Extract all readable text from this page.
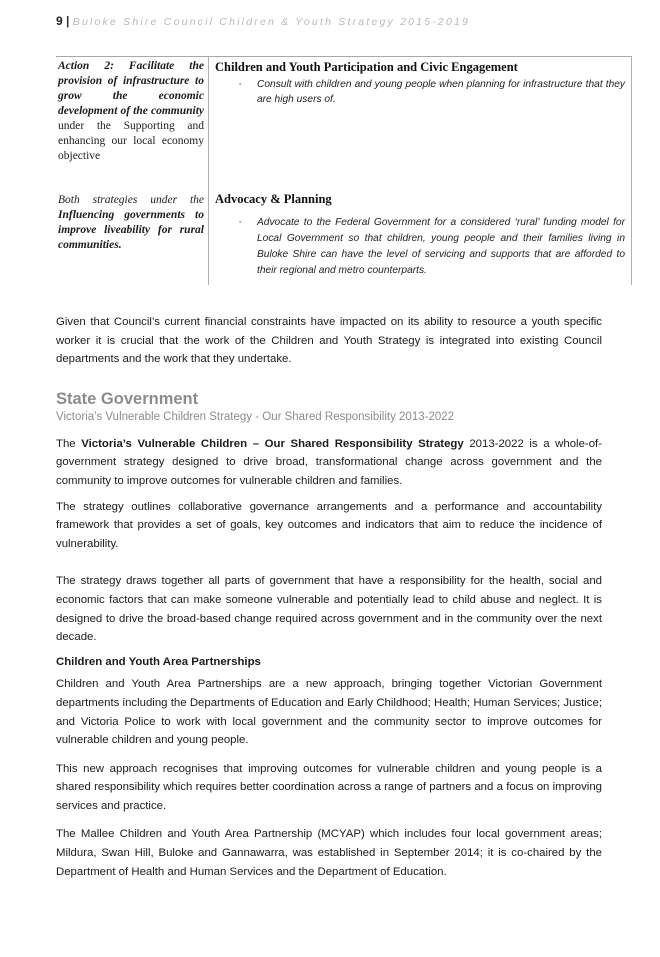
9 | Buloke Shire Council Children & Youth Strategy 2015-2019
Action 2: Facilitate the provision of infrastructure to grow the economic development of the community under the Supporting and enhancing our local economy objective
Children and Youth Participation and Civic Engagement
▪ Consult with children and young people when planning for infrastructure that they are high users of.
Both strategies under the Influencing governments to improve liveability for rural communities.
Advocacy & Planning
▪ Advocate to the Federal Government for a considered ‘rural’ funding model for Local Government so that children, young people and their families living in Buloke Shire can have the level of servicing and supports that are afforded to their regional and metro counterparts.

Given that Council’s current financial constraints have impacted on its ability to resource a youth specific worker it is crucial that the work of the Children and Youth Strategy is integrated into existing Council departments and the work that they undertake.

State Government
Victoria’s Vulnerable Children Strategy - Our Shared Responsibility 2013-2022

The Victoria’s Vulnerable Children – Our Shared Responsibility Strategy 2013-2022 is a whole-of-government strategy designed to drive broad, transformational change across government and the community to improve outcomes for vulnerable children and families.

The strategy outlines collaborative governance arrangements and a performance and accountability framework that provides a set of goals, key outcomes and indicators that aim to reduce the incidence of vulnerability.

The strategy draws together all parts of government that have a responsibility for the health, social and economic factors that can make someone vulnerable and potentially lead to child abuse and neglect. It is designed to drive the broad-based change required across government and in the community over the next decade.

Children and Youth Area Partnerships

Children and Youth Area Partnerships are a new approach, bringing together Victorian Government departments including the Departments of Education and Early Childhood; Health; Human Services; Justice; and Victoria Police to work with local government and the community sector to improve outcomes for vulnerable children and young people.

This new approach recognises that improving outcomes for vulnerable children and young people is a shared responsibility which requires better coordination across a range of partners and a focus on improving services and practice.

The Mallee Children and Youth Area Partnership (MCYAP) which includes four local government areas; Mildura, Swan Hill, Buloke and Gannawarra, was established in September 2014; it is co-chaired by the Department of Health and Human Services and the Department of Education.
